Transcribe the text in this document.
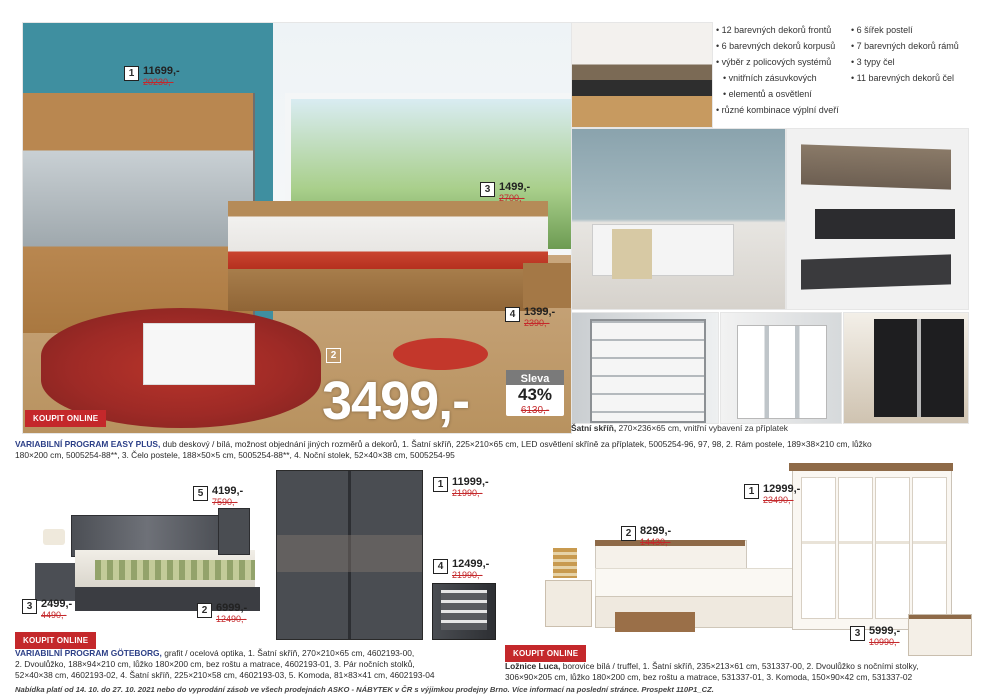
• 12 barevných dekorů frontů
• 6 barevných dekorů korpusů
• výběr z policových systémů
• vnitřních zásuvkových
• elementů a osvětlení
• různé kombinace výplní dveří
• 6 šířek postelí
• 7 barevných dekorů rámů
• 3 typy čel
• 11 barevných dekorů čel
1 11699,-
20230,-
3 1499,-
2700,-
4 1399,-
2390,-
2
3499,-	Sleva
43%
6130,-
KOUPIT ONLINE
Šatní skříň, 270×236×65 cm, vnitřní vybavení za příplatek
VARIABILNÍ PROGRAM EASY PLUS, dub deskový / bílá, možnost objednání jiných rozměrů a dekorů, 1. Šatní skříň, 225×210×65 cm, LED osvětlení skříně za příplatek, 5005254-96, 97, 98, 2. Rám postele, 189×38×210 cm, lůžko
180×200 cm, 5005254-88**, 3. Čelo postele, 188×50×5 cm, 5005254-88**, 4. Noční stolek, 52×40×38 cm, 5005254-95
5 4199,-
7590,-
1 11999,-
21990,-
3 2499,-
4490,-	2 6999,-
12490,-
4 12499,-
21990,-
KOUPIT ONLINE
VARIABILNÍ PROGRAM GÖTEBORG, grafit / ocelová optika, 1. Šatní skříň, 270×210×65 cm, 4602193-00,
2. Dvoulůžko, 188×94×210 cm, lůžko 180×200 cm, bez roštu a matrace, 4602193-01, 3. Pár nočních stolků,
52×40×38 cm, 4602193-02, 4. Šatní skříň, 225×210×58 cm, 4602193-03, 5. Komoda, 81×83×41 cm, 4602193-04
1 12999,-
23490,-
2 8299,-
14430,-
3 5999,-
10990,-
KOUPIT ONLINE
Ložnice Luca, borovice bílá / truffel, 1. Šatní skříň, 235×213×61 cm, 531337-00, 2. Dvoulůžko s nočními stolky,
306×90×205 cm, lůžko 180×200 cm, bez roštu a matrace, 531337-01, 3. Komoda, 150×90×42 cm, 531337-02
Nabídka platí od 14. 10. do 27. 10. 2021 nebo do vyprodání zásob ve všech prodejnách ASKO - NÁBYTEK v ČR s výjimkou prodejny Brno. Více informací na poslední stránce. Prospekt 110P1_CZ.
